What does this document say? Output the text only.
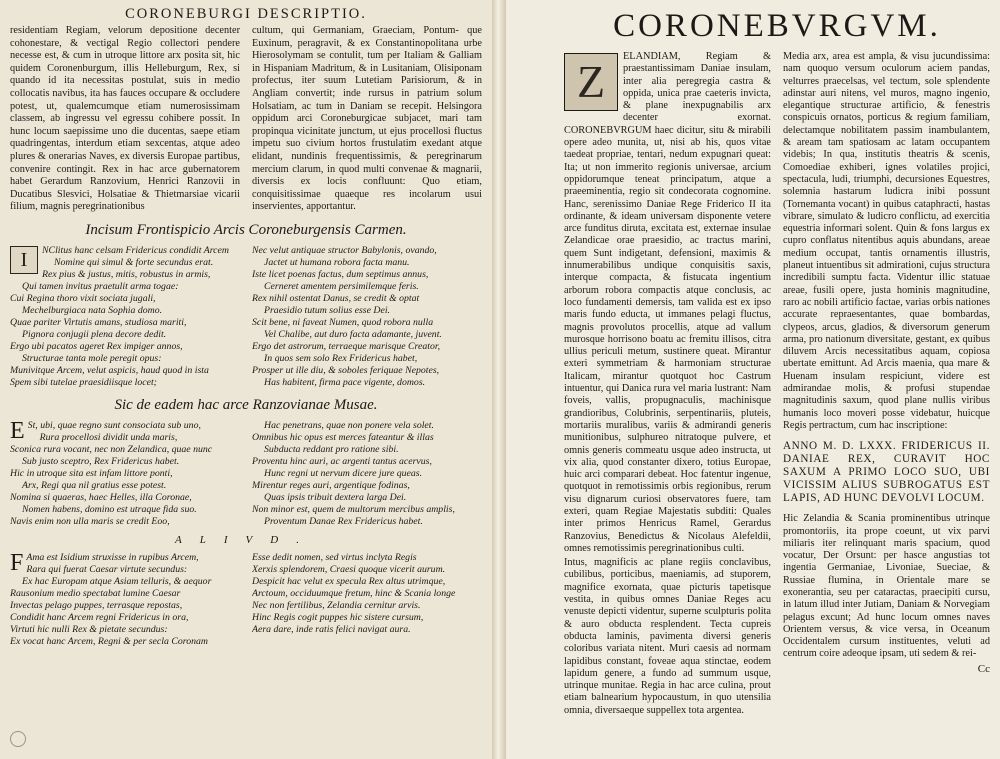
CORONEBURGI DESCRIPTIO.

residentiam Regiam, velorum depositione decenter cohonestare, & vectigal Regio collectori pendere necesse est, & cum in utroque littore arx posita sit, hic quidem Coronenburgum, illis Helleburgum, Rex, si quando id ita necessitas postulat, suis in medio collocatis navibus, ita has fauces occupare & occludere potest, ut, qualemcumque etiam numerosissimam classem, ab ingressu vel egressu cohibere possit. In hunc locum saepissime uno die ducentas, saepe etiam quadringentas, interdum etiam sexcentas, atque adeo plures & onerarias Naves, ex diversis Europae partibus, convenire contingit. Rex in hac arce gubernatorem habet Gerardum Ranzovium, Henrici Ranzovii in Ducatibus Slesvici, Holsatiae & Thietmarsiae vicarii filium, magnis peregrinationibus

cultum, qui Germaniam, Graeciam, Pontum- que Euxinum, peragravit, & ex Constantinopolitana urbe Hierosolymam se contulit, tum per Italiam & Galliam in Hispaniam Madritum, & in Lusitaniam, Olisiponam profectus, iter suum Lutetiam Parisiorum, & in Angliam convertit; inde rursus in patrium solum Holsatiam, ac tum in Daniam se recepit. Helsingora oppidum arci Coroneburgicae subjacet, mari tam propinqua vicinitate junctum, ut ejus procellosi fluctus impetu suo civium hortos frustulatim exedant atque elidant, nundinis frequentissimis, & peregrinarum mercium clarum, in quod multi convenae & magnarii, diversis ex locis confluunt: Quo etiam, conquisitissimae quaeque res incolarum usui inservientes, apportantur.

Incisum Frontispicio Arcis Coroneburgensis Carmen.
I	NClitus hanc celsam Fridericus condidit Arcem
Nomine qui simul & forte secundus erat.
Rex pius & justus, mitis, robustus in armis,
Qui tamen invitus praetulit arma togae:
Cui Regina thoro vixit sociata jugali,
Mechelburgiaca nata Sophia domo.
Quae pariter Virtutis amans, studiosa mariti,
Pignora conjugii plena decore dedit.
Ergo ubi pacatos ageret Rex impiger annos,
Structurae tanta mole peregit opus:
Munivitque Arcem, velut aspicis, haud quod in ista
Spem sibi tutelae praesidiisque locet;
Nec velut antiquae structor Babylonis, ovando,
Jactet ut humana robora facta manu.
Iste licet poenas factus, dum septimus annus,
Cerneret amentem persimilemque feris.
Rex nihil ostentat Danus, se credit & optat
Praesidio tutum solius esse Dei.
Scit bene, ni faveat Numen, quod robora nulla
Vel Chalibe, aut duro facta adamante, juvent.
Ergo det astrorum, terraeque marisque Creator,
In quos sem solo Rex Fridericus habet,
Prosper ut ille diu, & soboles feriquae Nepotes,
Has habitent, firma pace vigente, domos.
Sic de eadem hac arce Ranzovianae Musae.
E St, ubi, quae regno sunt consociata sub uno,
Rura procellosi dividit unda maris,
Sconica rura vocant, nec non Zelandica, quae nunc
Sub justo sceptro, Rex Fridericus habet.
Hic in utroque sita est infam littore ponti,
Arx, Regi qua nil gratius esse potest.
Nomina si quaeras, haec Helles, illa Coronae,
Nomen habens, domino est utraque fida suo.
Navis enim non ulla maris se credit Eoo,
Hac penetrans, quae non ponere vela solet.
Omnibus hic opus est merces fateantur & illas
Subducta reddant pro ratione sibi.
Proventu hinc auri, ac argenti tantus acervus,
Hunc regni ut nervum dicere jure queas.
Mirentur reges auri, argentique fodinas,
Quas ipsis tribuit dextera larga Dei.
Non minor est, quem de multorum mercibus amplis,
Proventum Danae Rex Fridericus habet.
ALIVD.
F Ama est Isidium struxisse in rupibus Arcem,
Rara qui fuerat Caesar virtute secundus:
Ex hac Europam atque Asiam telluris, & aequor
Rausonium medio spectabat lumine Caesar
Invectas pelago puppes, terrasque repostas,
Condidit hanc Arcem regni Fridericus in ora,
Virtuti hic nulli Rex & pietate secundus:
Ex vocat hanc Arcem, Regni & per secla Coronam
Esse dedit nomen, sed virtus inclyta Regis
Xerxis splendorem, Craesi quoque vicerit aurum.
Despicit hac velut ex specula Rex altus utrimque,
Arctoum, occiduumque fretum, hinc & Scania longe
Nec non fertilibus, Zelandia cernitur arvis.
Hinc Regis cogit puppes hic sistere cursum,
Aera dare, inde ratis felici navigat aura.
CORONEBVRGVM.
Z	ELANDIAM, Regiam & praestantissimam Daniae insulam, inter alia peregregia castra & oppida, unica prae caeteris invicta, & plane inexpugnabilis arx decenter exornat. CORONEBVRGUM haec dicitur, situ & mirabili opere adeo munita, ut, nisi ab his, quos vitae taedeat propriae, tentari, nedum expugnari queat: Ita; ut non immerito regionis universae, arcium oppidorumque teneat principatum, atque a praeeminentia, regio sit condecorata cognomine. Hanc, serenissimo Daniae Rege Friderico II ita ordinante, & ideam universam disponente vetere arce funditus diruta, excitata est, externae insulae Zelandicae orae praesidio, ac tractus marini, quem Sunt indigetant, defensioni, maximis & innumerabilibus undique conquisitis saxis, interque compacta, & fistucata ingentium arborum robora compactis atque conclusis, ac loco fundamenti demersis, tam valida est ex ipso maris fundo educta, ut immanes pelagi fluctus, magnis provolutos procellis, atque ad vallum murosque horrisono boatu ac fremitu illisos, citra ullius periculi metum, sustinere queat. Mirantur exteri symmetriam & harmoniam structurae Italicam, mirantur quotquot hoc Castrum intuentur, qui Danica rura vel maria lustrant: Nam foveis, vallis, propugnaculis, machinisque grandioribus, Colubrinis, serpentinariis, pluteis, mortariis muralibus, variis & admirandi generis munitionibus, sulphureo nitratoque pulvere, et omnis generis commeatu usque adeo instructa, ut vix alia, quod constanter dixero, totius Europae, huic arci comparari debeat. Hoc fatentur ingenue, quotquot in remotissimis orbis regionibus, rerum visu dignarum curiosi observatores fuere, tam exteri, quam Regiae Majestatis subditi: Quales inter primos Henricus Ramel, Gerardus Ranzovius, Benedictus & Nicolaus Alefeldii, omnes remotissimis peregrinationibus culti.

Intus, magnificis ac plane regiis conclavibus, cubilibus, porticibus, maeniamis, ad stuporem, magnifice exornata, quae picturis tapetisque vestita, in quibus omnes Daniae Reges acu venuste depicti videntur, superne sculpturis polita & auro obducta resplendent. Tecta cupreis obducta laminis, pavimenta diversi generis coloribus variata nitent. Muri caesis ad normam lapidibus constant, foveae aqua stinctae, eodem lapidum genere, a fundo ad summum usque, utrinque munitae. Regia in hac arce culina, prout etiam balnearium hypocaustum, in quo utensilia omnia, diversaeque suppellex tota argentea.

Media arx, area est ampla, & visu jucundissima: nam quoquo versum oculorum aciem pandas, velturres praecelsas, vel tectum, sole splendente adinstar auri nitens, vel muros, magno ingenio, elegantique structurae artificio, & fenestris conspicuis ornatos, porticus & regium familiam, delectamque nobilitatem passim inambulantem, & aream tam spatiosam ac latam occupantem videbis; In qua, institutis theatris & scenis, Comoediae exhiberi, ignes volatiles projici, spectacula, ludi, triumphi, decursiones Equestres, solemnia hastarum ludicra inibi possunt (Tornemanta vocant) in quibus cataphracti, hastas vibrare, simulato & ludicro conflictu, ad exercitia equestria informari solent. Quin & fons largus ex cupro conflatus nitentibus aquis abundans, areae medium occupat, tantis ornamentis illustris, planeut intuentibus sit admirationi, cujus structura incredibili sumptu facta. Videntur illic statuae areae, fusili opere, justa hominis magnitudine, raro ac nobili artificio factae, varias orbis nationes accurate repraesentantes, quae bombardas, clypeos, arcus, gladios, & diversorum generum arma, pro nationum diversitate, gestant, ex quibus diluvem Arcis necessitatibus aquam, copiosa ubertate emittunt. Ad Arcis maenia, qua mare & Huenam insulam respiciunt, videre est admirandae molis, & profusi stupendae magnitudinis saxum, quod plane nullis viribus humanis loco moveri posse videbatur, huicque Regis pertractum, cum hac inscriptione:

ANNO M. D. LXXX. FRIDERICUS II. DANIAE REX, CURAVIT HOC SAXUM A PRIMO LOCO SUO, UBI VICISSIM ALIUS SUBROGATUS EST LAPIS, AD HUNC DEVOLVI LOCUM.

Hic Zelandia & Scania prominentibus utrinque promontoriis, ita prope coeunt, ut vix parvi miliaris iter relinquant maris spacium, quod vocatur, Der Orsunt: per hasce angustias tot ingentia Germaniae, Livoniae, Sueciae, & Russiae flumina, in Orientale mare se exonerantia, seu per cataractas, praecipiti cursu, in latum illud inter Jutiam, Daniam & Norvegiam pelagus excunt; Ad hunc locum omnes naves Orientem versus, & vice versa, in Oceanum Occidentalem cursum instituentes, veluti ad centrum coire adeoque ipsam, uti sedem & rei-

Cc
